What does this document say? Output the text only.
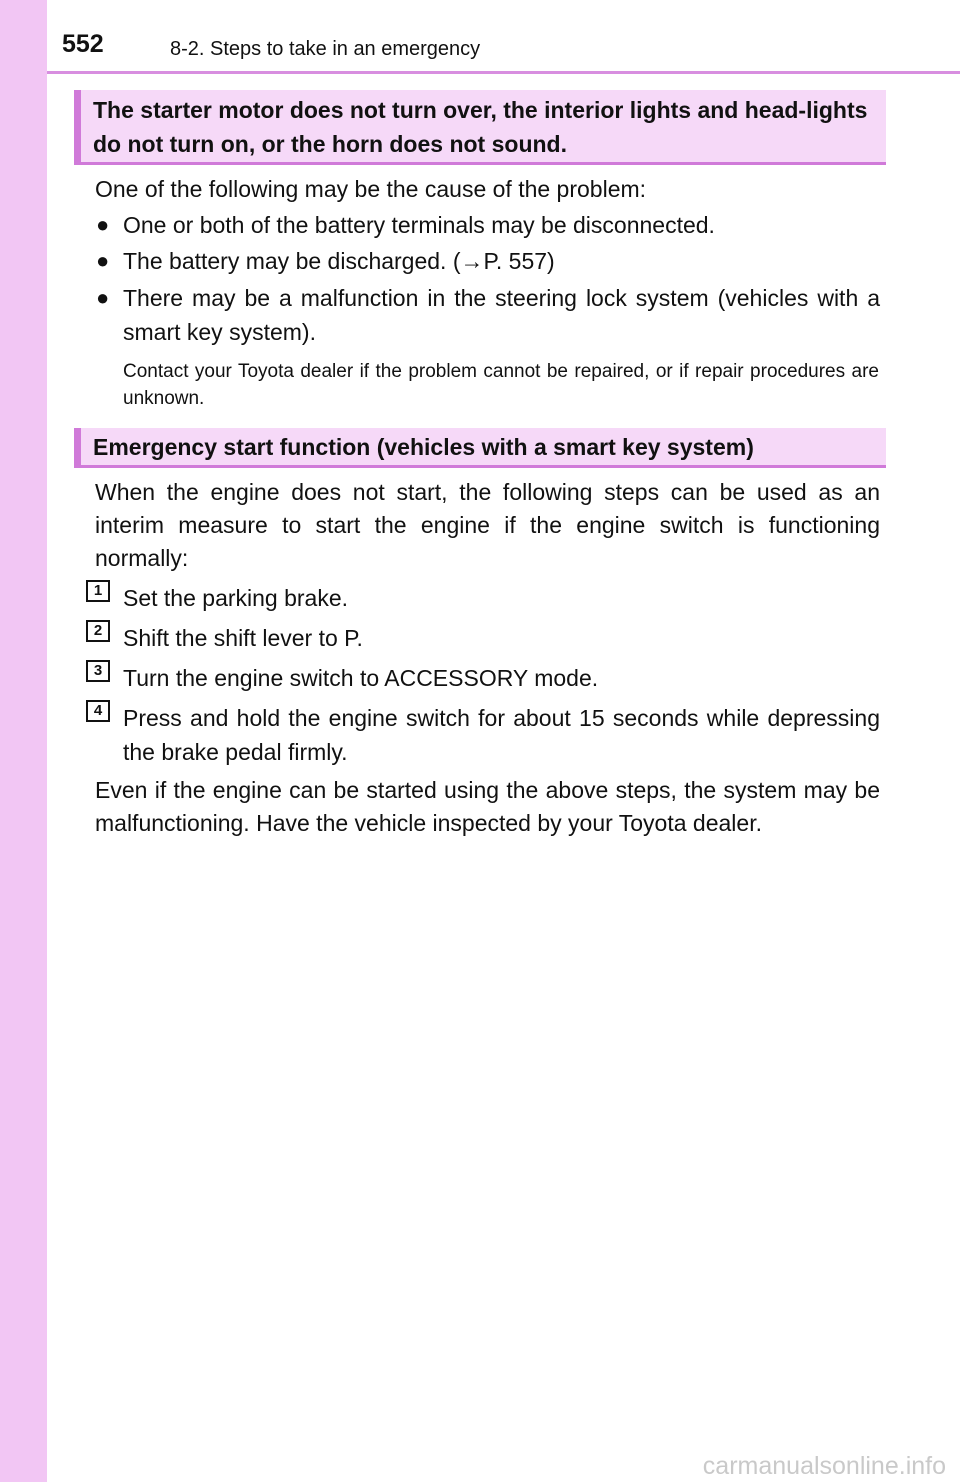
552	8-2. Steps to take in an emergency
The starter motor does not turn over, the interior lights and head-lights do not turn on, or the horn does not sound.
One of the following may be the cause of the problem:
● One or both of the battery terminals may be disconnected.
● The battery may be discharged. (→P. 557)
● There may be a malfunction in the steering lock system (vehicles with a smart key system).
Contact your Toyota dealer if the problem cannot be repaired, or if repair procedures are unknown.
Emergency start function (vehicles with a smart key system)
When the engine does not start, the following steps can be used as an interim measure to start the engine if the engine switch is functioning normally:
1 Set the parking brake.
2 Shift the shift lever to P.
3 Turn the engine switch to ACCESSORY mode.
4 Press and hold the engine switch for about 15 seconds while depressing the brake pedal firmly.
Even if the engine can be started using the above steps, the system may be malfunctioning. Have the vehicle inspected by your Toyota dealer.
carmanualsonline.info
